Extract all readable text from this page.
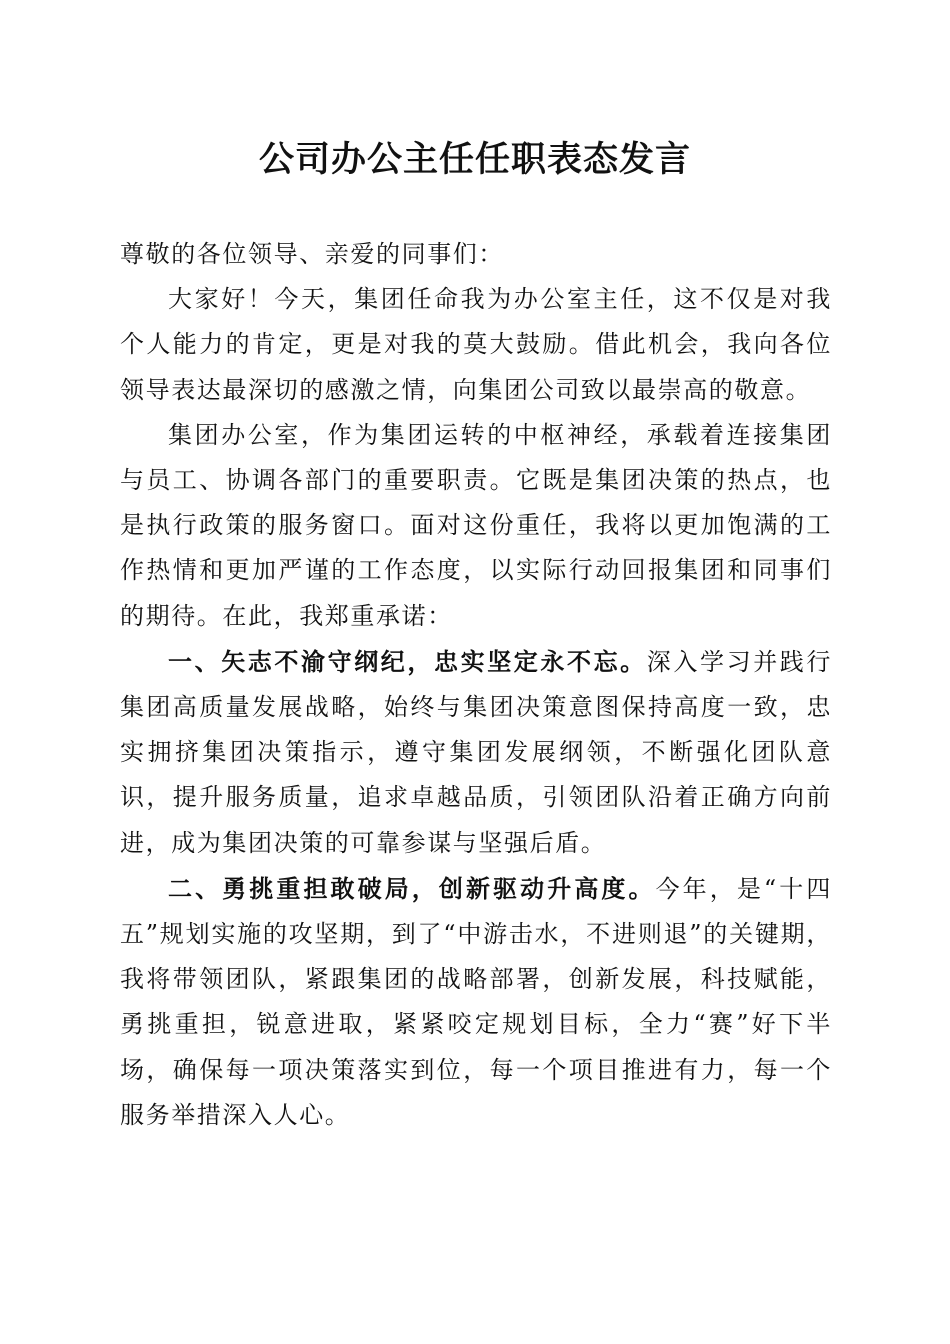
公司办公主任任职表态发言

尊敬的各位领导、亲爱的同事们：

大家好！今天，集团任命我为办公室主任，这不仅是对我个人能力的肯定，更是对我的莫大鼓励。借此机会，我向各位领导表达最深切的感激之情，向集团公司致以最崇高的敬意。

集团办公室，作为集团运转的中枢神经，承载着连接集团与员工、协调各部门的重要职责。它既是集团决策的热点，也是执行政策的服务窗口。面对这份重任，我将以更加饱满的工作热情和更加严谨的工作态度，以实际行动回报集团和同事们的期待。在此，我郑重承诺：

一、矢志不渝守纲纪，忠实坚定永不忘。深入学习并践行集团高质量发展战略，始终与集团决策意图保持高度一致，忠实拥挤集团决策指示，遵守集团发展纲领，不断强化团队意识，提升服务质量，追求卓越品质，引领团队沿着正确方向前进，成为集团决策的可靠参谋与坚强后盾。

二、勇挑重担敢破局，创新驱动升高度。今年，是“十四五”规划实施的攻坚期，到了“中游击水，不进则退”的关键期，我将带领团队，紧跟集团的战略部署，创新发展，科技赋能，勇挑重担，锐意进取，紧紧咬定规划目标，全力“赛”好下半场，确保每一项决策落实到位，每一个项目推进有力，每一个服务举措深入人心。
